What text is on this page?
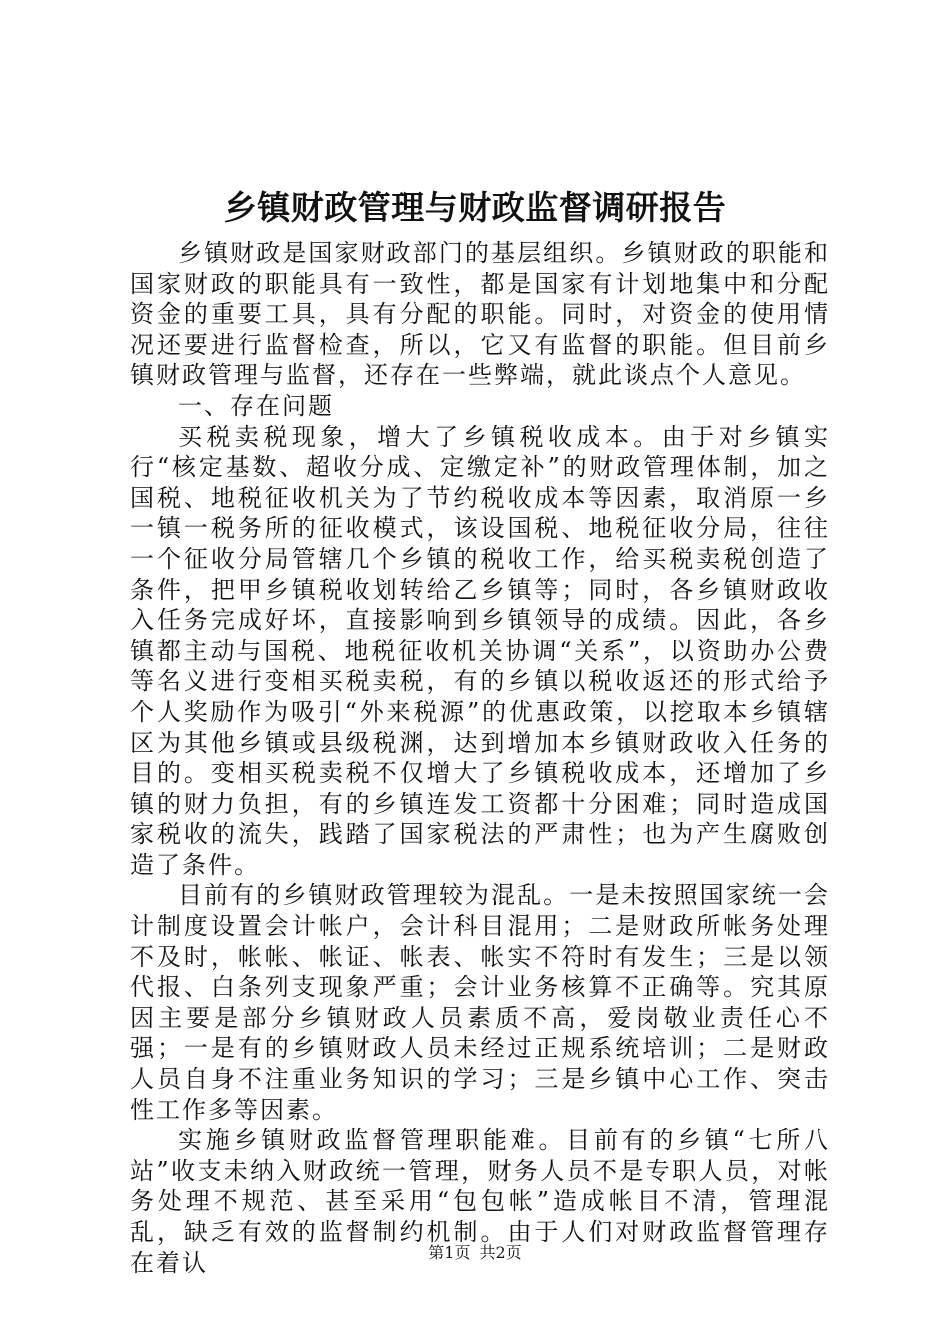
乡镇财政管理与财政监督调研报告

乡镇财政是国家财政部门的基层组织。乡镇财政的职能和国家财政的职能具有一致性，都是国家有计划地集中和分配资金的重要工具，具有分配的职能。同时，对资金的使用情况还要进行监督检查，所以，它又有监督的职能。但目前乡镇财政管理与监督，还存在一些弊端，就此谈点个人意见。

一、存在问题

买税卖税现象，增大了乡镇税收成本。由于对乡镇实行“核定基数、超收分成、定缴定补”的财政管理体制，加之国税、地税征收机关为了节约税收成本等因素，取消原一乡一镇一税务所的征收模式，该设国税、地税征收分局，往往一个征收分局管辖几个乡镇的税收工作，给买税卖税创造了条件，把甲乡镇税收划转给乙乡镇等；同时，各乡镇财政收入任务完成好坏，直接影响到乡镇领导的成绩。因此，各乡镇都主动与国税、地税征收机关协调“关系”，以资助办公费等名义进行变相买税卖税，有的乡镇以税收返还的形式给予个人奖励作为吸引“外来税源”的优惠政策，以挖取本乡镇辖区为其他乡镇或县级税渊，达到增加本乡镇财政收入任务的目的。变相买税卖税不仅增大了乡镇税收成本，还增加了乡镇的财力负担，有的乡镇连发工资都十分困难；同时造成国家税收的流失，践踏了国家税法的严肃性；也为产生腐败创造了条件。

目前有的乡镇财政管理较为混乱。一是未按照国家统一会计制度设置会计帐户，会计科目混用；二是财政所帐务处理不及时，帐帐、帐证、帐表、帐实不符时有发生；三是以领代报、白条列支现象严重；会计业务核算不正确等。究其原因主要是部分乡镇财政人员素质不高，爱岗敬业责任心不强；一是有的乡镇财政人员未经过正规系统培训；二是财政人员自身不注重业务知识的学习；三是乡镇中心工作、突击性工作多等因素。

实施乡镇财政监督管理职能难。目前有的乡镇“七所八站”收支未纳入财政统一管理，财务人员不是专职人员，对帐务处理不规范、甚至采用“包包帐”造成帐目不清，管理混乱，缺乏有效的监督制约机制。由于人们对财政监督管理存在着认	第1页 共2页
